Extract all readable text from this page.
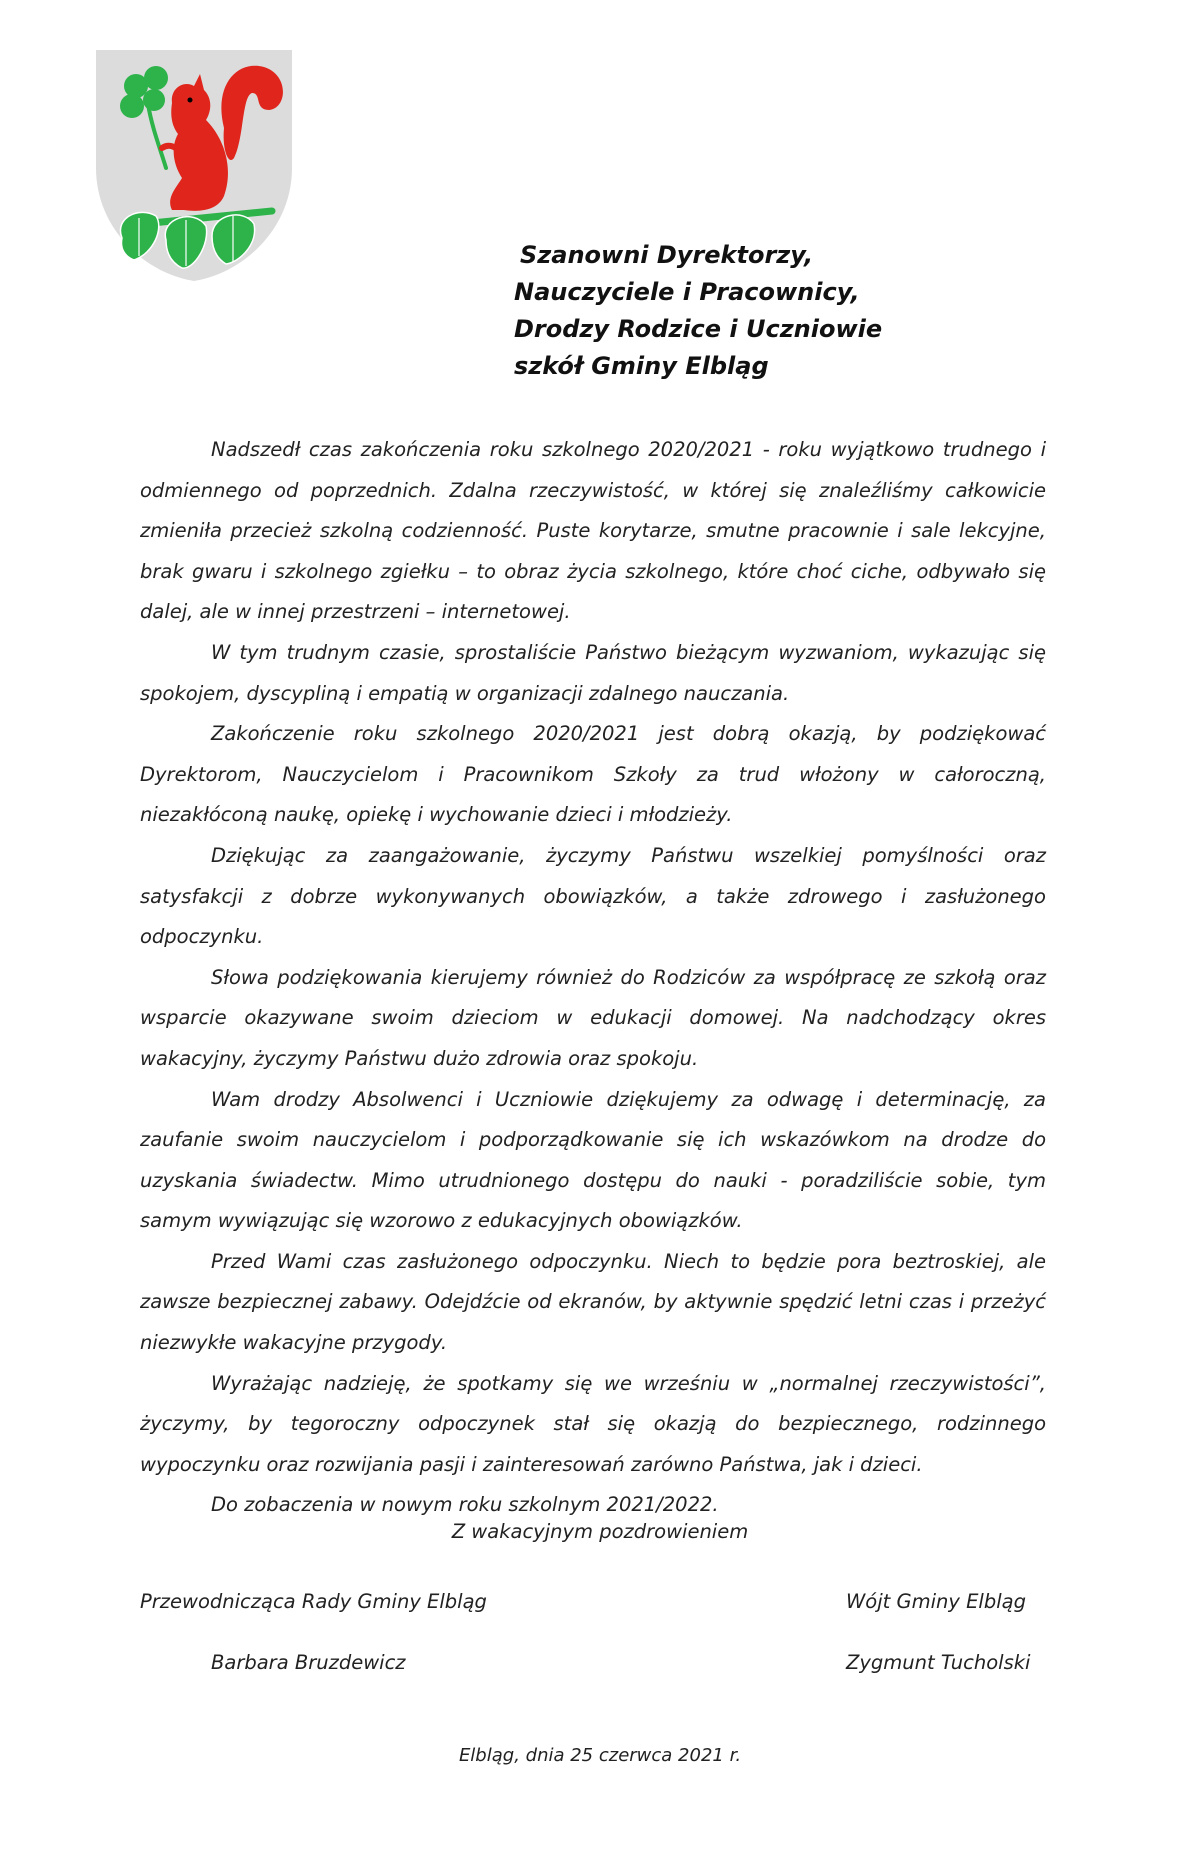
Szanowni Dyrektorzy,
Nauczyciele i Pracownicy,
Drodzy Rodzice i Uczniowie
szkół Gminy Elbląg

Nadszedł czas zakończenia roku szkolnego 2020/2021 - roku wyjątkowo trudnego i odmiennego od poprzednich. Zdalna rzeczywistość, w której się znaleźliśmy całkowicie zmieniła przecież szkolną codzienność. Puste korytarze, smutne pracownie i sale lekcyjne, brak gwaru i szkolnego zgiełku – to obraz życia szkolnego, które choć ciche, odbywało się dalej, ale w innej przestrzeni – internetowej.

W tym trudnym czasie, sprostaliście Państwo bieżącym wyzwaniom, wykazując się spokojem, dyscypliną i empatią w organizacji zdalnego nauczania.

Zakończenie roku szkolnego 2020/2021 jest dobrą okazją, by podziękować Dyrektorom, Nauczycielom i Pracownikom Szkoły za trud włożony w całoroczną, niezakłóconą naukę, opiekę i wychowanie dzieci i młodzieży.

Dziękując za zaangażowanie, życzymy Państwu wszelkiej pomyślności oraz satysfakcji z dobrze wykonywanych obowiązków, a także zdrowego i zasłużonego odpoczynku.

Słowa podziękowania kierujemy również do Rodziców za współpracę ze szkołą oraz wsparcie okazywane swoim dzieciom w edukacji domowej. Na nadchodzący okres wakacyjny, życzymy Państwu dużo zdrowia oraz spokoju.

Wam drodzy Absolwenci i Uczniowie dziękujemy za odwagę i determinację, za zaufanie swoim nauczycielom i podporządkowanie się ich wskazówkom na drodze do uzyskania świadectw. Mimo utrudnionego dostępu do nauki - poradziliście sobie, tym samym wywiązując się wzorowo z edukacyjnych obowiązków.

Przed Wami czas zasłużonego odpoczynku. Niech to będzie pora beztroskiej, ale zawsze bezpiecznej zabawy. Odejdźcie od ekranów, by aktywnie spędzić letni czas i przeżyć niezwykłe wakacyjne przygody.

Wyrażając nadzieję, że spotkamy się we wrześniu w „normalnej rzeczywistości”, życzymy, by tegoroczny odpoczynek stał się okazją do bezpiecznego, rodzinnego wypoczynku oraz rozwijania pasji i zainteresowań zarówno Państwa, jak i dzieci.

Do zobaczenia w nowym roku szkolnym 2021/2022.

Z wakacyjnym pozdrowieniem
Przewodnicząca Rady Gminy Elbląg
Barbara Bruzdewicz
Wójt Gminy Elbląg
Zygmunt Tucholski
Elbląg, dnia 25 czerwca 2021 r.
